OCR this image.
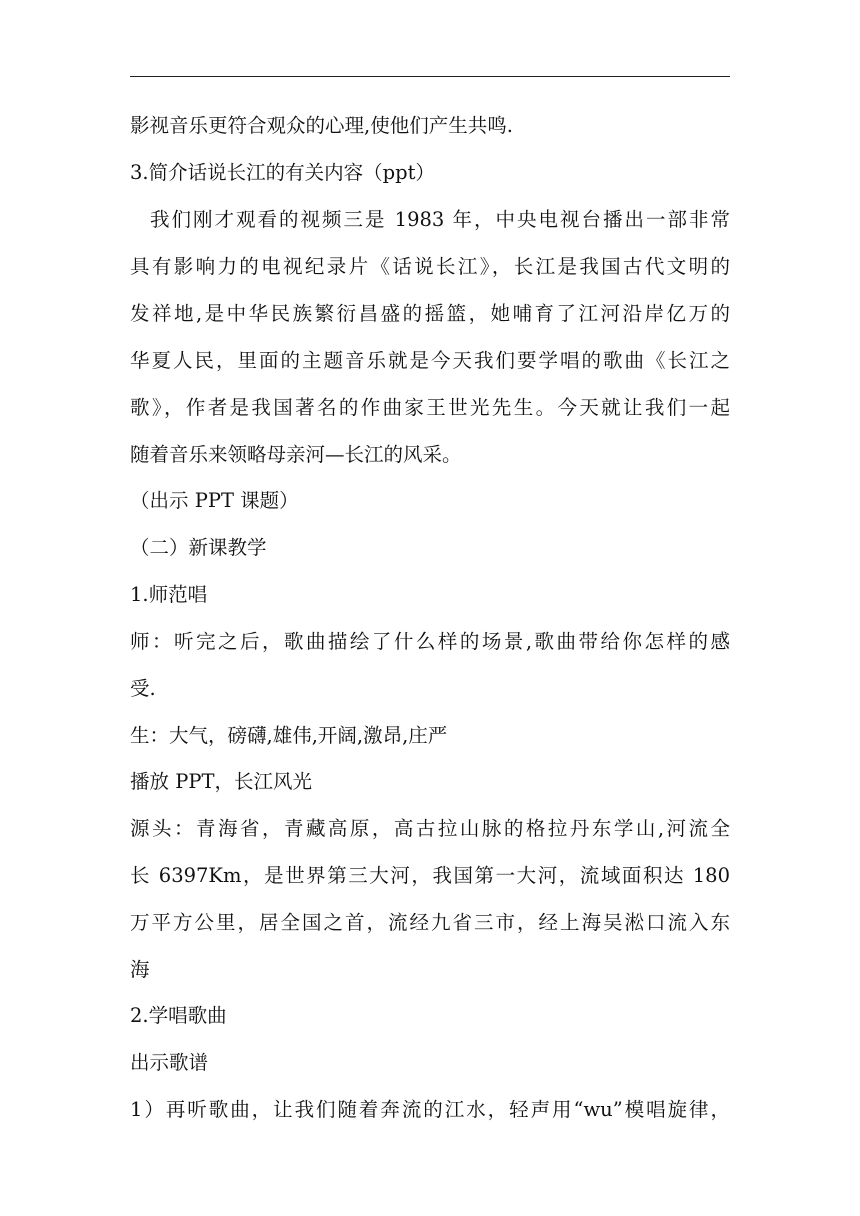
影视音乐更符合观众的心理,使他们产生共鸣.
3.简介话说长江的有关内容（ppt）
我们刚才观看的视频三是 1983 年，中央电视台播出一部非常
具有影响力的电视纪录片《话说长江》，长江是我国古代文明的
发祥地,是中华民族繁衍昌盛的摇篮，她哺育了江河沿岸亿万的
华夏人民，里面的主题音乐就是今天我们要学唱的歌曲《长江之
歌》，作者是我国著名的作曲家王世光先生。今天就让我们一起
随着音乐来领略母亲河—长江的风采。
（出示 PPT 课题）
（二）新课教学
1.师范唱
师：听完之后，歌曲描绘了什么样的场景,歌曲带给你怎样的感
受.
生：大气，磅礴,雄伟,开阔,激昂,庄严
播放 PPT，长江风光
源头：青海省，青藏高原，高古拉山脉的格拉丹东学山,河流全
长 6397Km，是世界第三大河，我国第一大河，流域面积达 180
万平方公里，居全国之首，流经九省三市，经上海吴淞口流入东
海
2.学唱歌曲
出示歌谱
1）再听歌曲，让我们随着奔流的江水，轻声用“wu”模唱旋律，
